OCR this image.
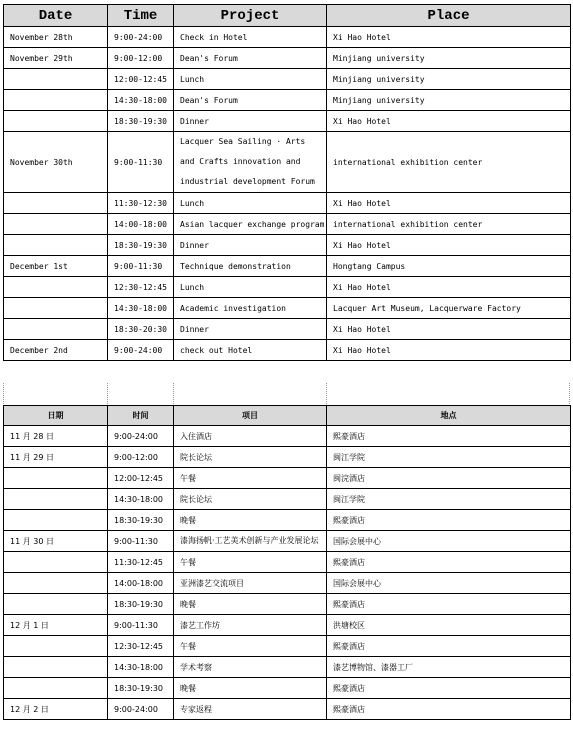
Date	Time	Project	Place
November 28th	9:00-24:00	Check in Hotel	Xi Hao Hotel
November 29th	9:00-12:00	Dean's Forum	Minjiang university
	12:00-12:45	Lunch	Minjiang university
	14:30-18:00	Dean's Forum	Minjiang university
	18:30-19:30	Dinner	Xi Hao Hotel
November 30th	9:00-11:30	Lacquer Sea Sailing · Arts and Crafts innovation and industrial development Forum	international exhibition center
	11:30-12:30	Lunch	Xi Hao Hotel
	14:00-18:00	Asian lacquer exchange program	international exhibition center
	18:30-19:30	Dinner	Xi Hao Hotel
December 1st	9:00-11:30	Technique demonstration	Hongtang Campus
	12:30-12:45	Lunch	Xi Hao Hotel
	14:30-18:00	Academic investigation	Lacquer Art Museum, Lacquerware Factory
	18:30-20:30	Dinner	Xi Hao Hotel
December 2nd	9:00-24:00	check out Hotel	Xi Hao Hotel
日期	时间	项目	地点
11 月 28 日	9:00-24:00	入住酒店	熙豪酒店
11 月 29 日	9:00-12:00	院长论坛	闽江学院
	12:00-12:45	午餐	闽浣酒店
	14:30-18:00	院长论坛	闽江学院
	18:30-19:30	晚餐	熙豪酒店
11 月 30 日	9:00-11:30	漆海扬帆·工艺美术创新与产业发展论坛	国际会展中心
	11:30-12:45	午餐	熙豪酒店
	14:00-18:00	亚洲漆艺交流项目	国际会展中心
	18:30-19:30	晚餐	熙豪酒店
12 月 1 日	9:00-11:30	漆艺工作坊	洪塘校区
	12:30-12:45	午餐	熙豪酒店
	14:30-18:00	学术考察	漆艺博物馆、漆器工厂
	18:30-19:30	晚餐	熙豪酒店
12 月 2 日	9:00-24:00	专家返程	熙豪酒店
